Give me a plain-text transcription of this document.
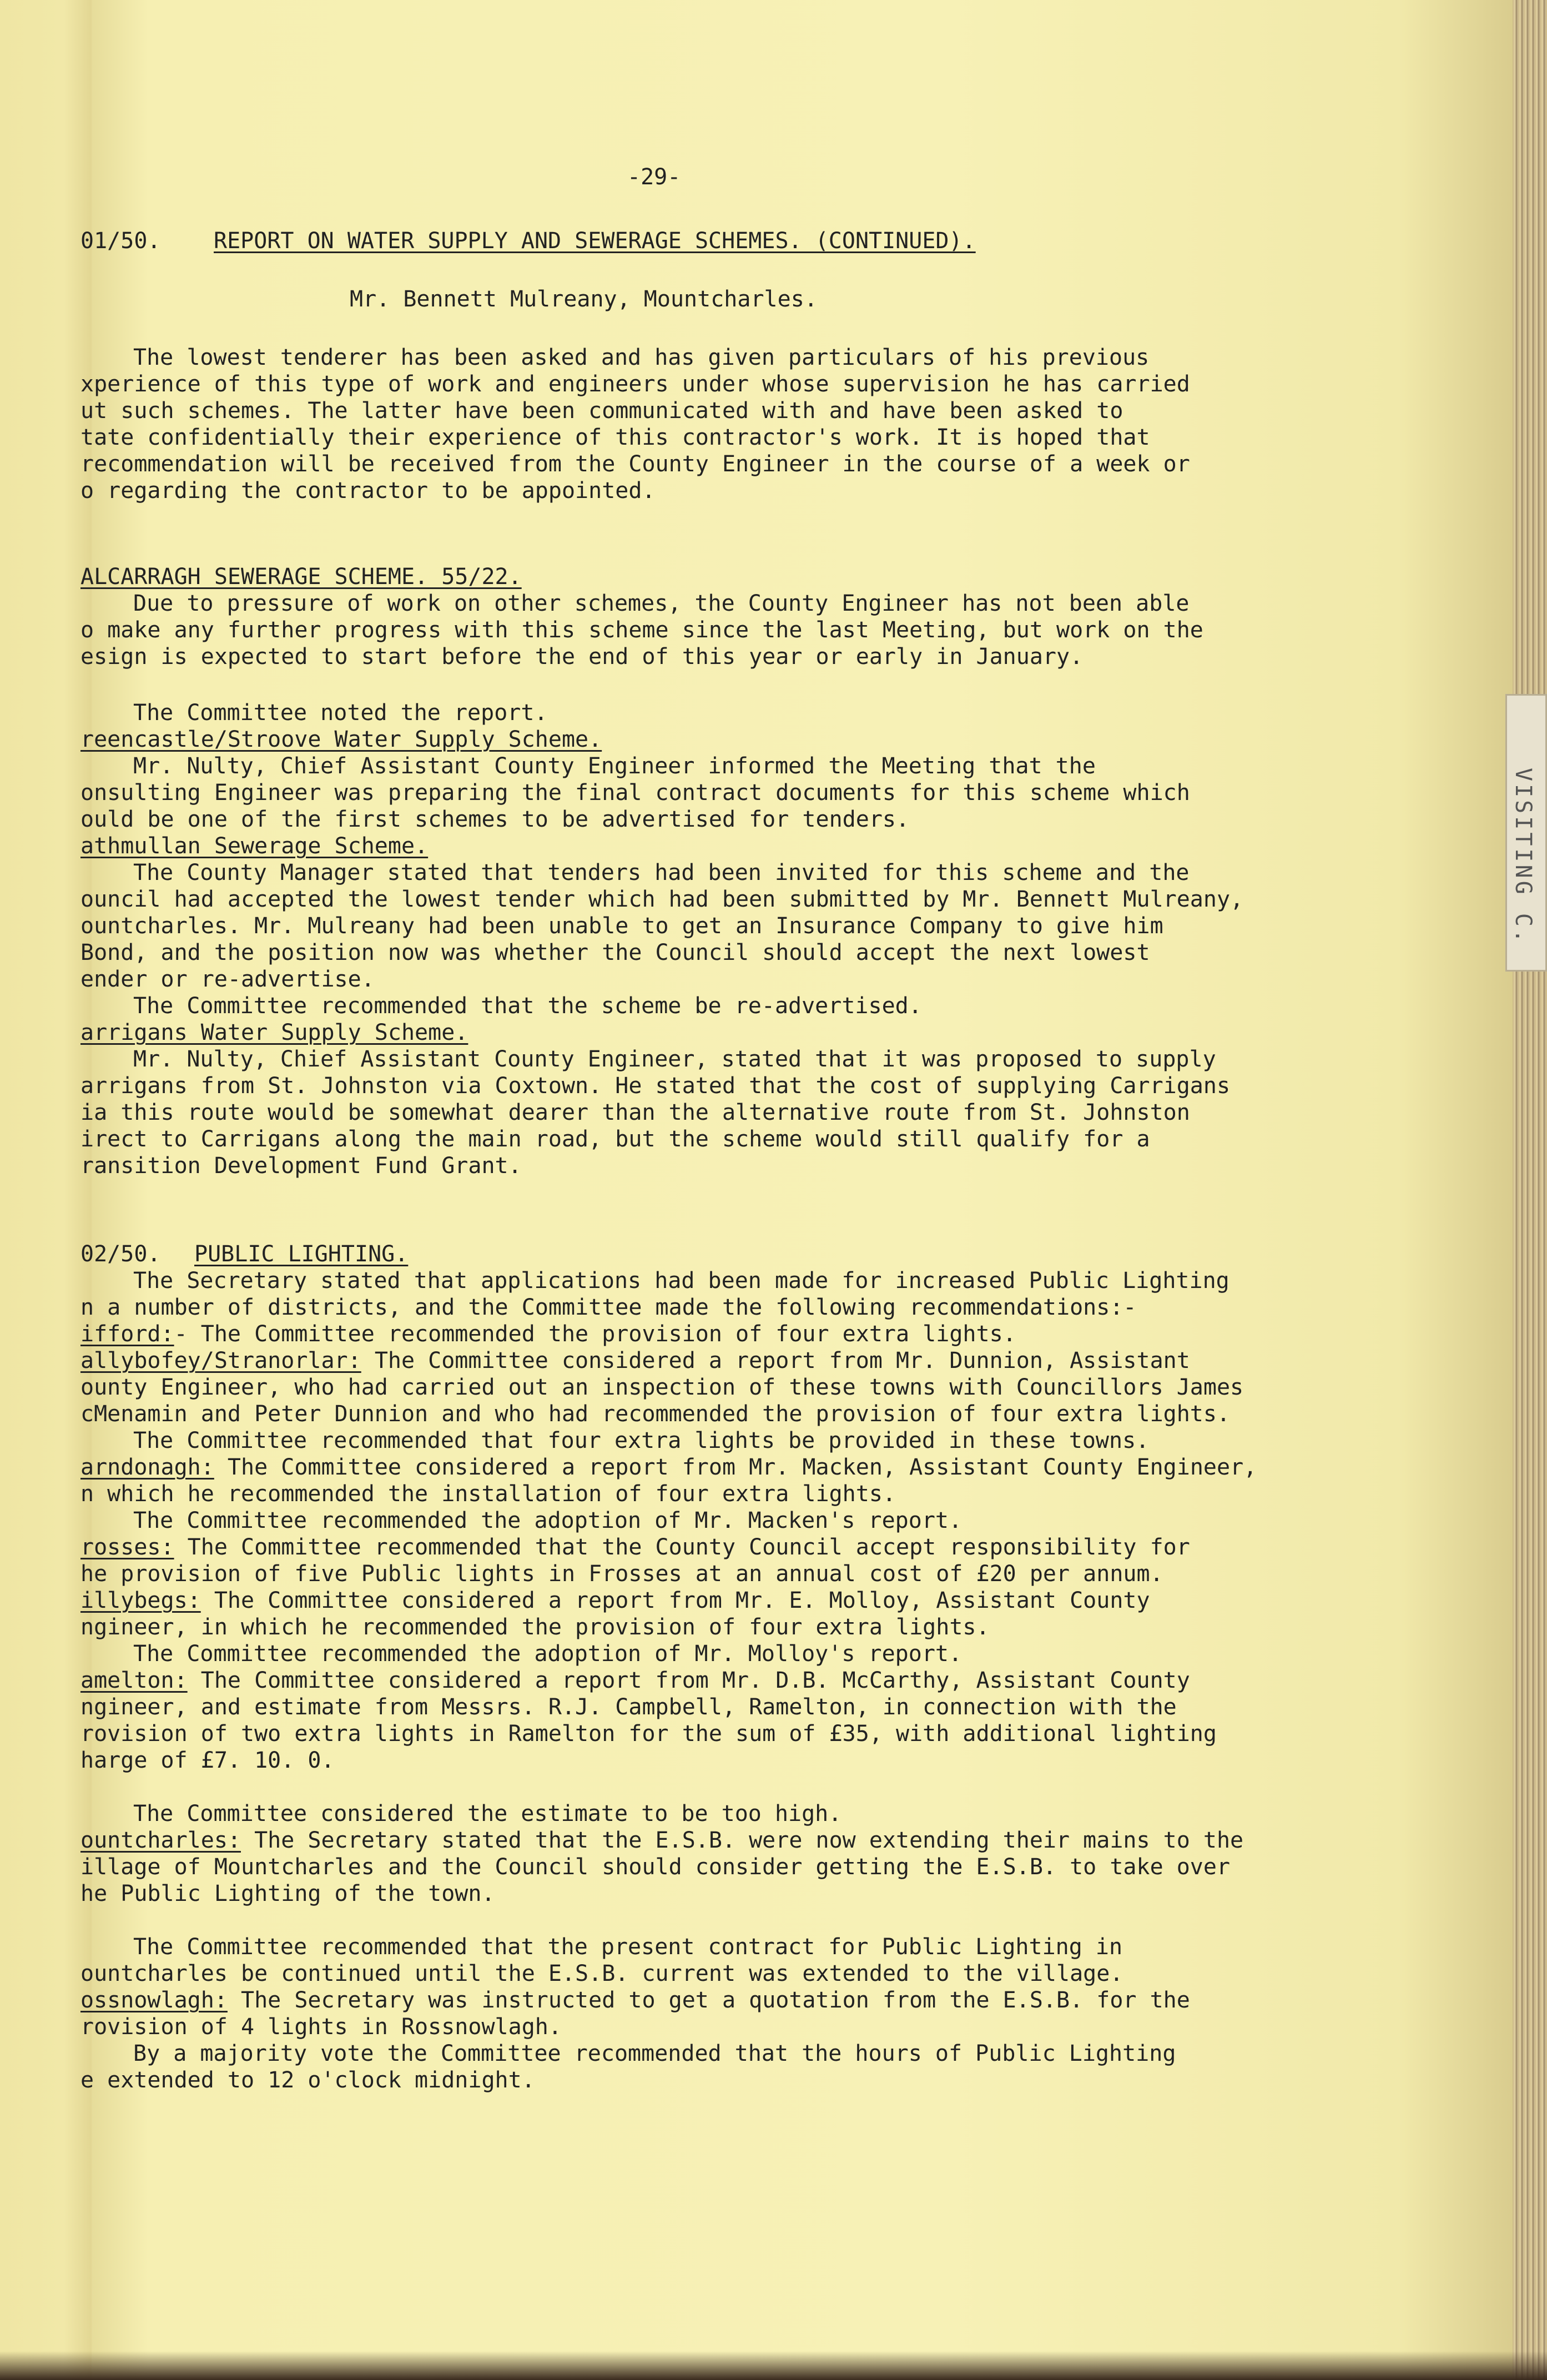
VISITING C.
-29-
01/50. REPORT ON WATER SUPPLY AND SEWERAGE SCHEMES. (CONTINUED).
Mr. Bennett Mulreany, Mountcharles.
The lowest tenderer has been asked and has given particulars of his previous
xperience of this type of work and engineers under whose supervision he has carried
ut such schemes. The latter have been communicated with and have been asked to
tate confidentially their experience of this contractor's work. It is hoped that
recommendation will be received from the County Engineer in the course of a week or
o regarding the contractor to be appointed.
ALCARRAGH SEWERAGE SCHEME. 55/22.
Due to pressure of work on other schemes, the County Engineer has not been able
o make any further progress with this scheme since the last Meeting, but work on the
esign is expected to start before the end of this year or early in January.
The Committee noted the report.
reencastle/Stroove Water Supply Scheme.
Mr. Nulty, Chief Assistant County Engineer informed the Meeting that the
onsulting Engineer was preparing the final contract documents for this scheme which
ould be one of the first schemes to be advertised for tenders.
athmullan Sewerage Scheme.
The County Manager stated that tenders had been invited for this scheme and the
ouncil had accepted the lowest tender which had been submitted by Mr. Bennett Mulreany,
ountcharles. Mr. Mulreany had been unable to get an Insurance Company to give him
Bond, and the position now was whether the Council should accept the next lowest
ender or re-advertise.
The Committee recommended that the scheme be re-advertised.
arrigans Water Supply Scheme.
Mr. Nulty, Chief Assistant County Engineer, stated that it was proposed to supply
arrigans from St. Johnston via Coxtown. He stated that the cost of supplying Carrigans
ia this route would be somewhat dearer than the alternative route from St. Johnston
irect to Carrigans along the main road, but the scheme would still qualify for a
ransition Development Fund Grant.
02/50. PUBLIC LIGHTING.
The Secretary stated that applications had been made for increased Public Lighting
n a number of districts, and the Committee made the following recommendations:-
ifford:- The Committee recommended the provision of four extra lights.
allybofey/Stranorlar: The Committee considered a report from Mr. Dunnion, Assistant
ounty Engineer, who had carried out an inspection of these towns with Councillors James
cMenamin and Peter Dunnion and who had recommended the provision of four extra lights.
The Committee recommended that four extra lights be provided in these towns.
arndonagh: The Committee considered a report from Mr. Macken, Assistant County Engineer,
n which he recommended the installation of four extra lights.
The Committee recommended the adoption of Mr. Macken's report.
rosses: The Committee recommended that the County Council accept responsibility for
he provision of five Public lights in Frosses at an annual cost of £20 per annum.
illybegs: The Committee considered a report from Mr. E. Molloy, Assistant County
ngineer, in which he recommended the provision of four extra lights.
The Committee recommended the adoption of Mr. Molloy's report.
amelton: The Committee considered a report from Mr. D.B. McCarthy, Assistant County
ngineer, and estimate from Messrs. R.J. Campbell, Ramelton, in connection with the
rovision of two extra lights in Ramelton for the sum of £35, with additional lighting
harge of £7. 10. 0.
The Committee considered the estimate to be too high.
ountcharles: The Secretary stated that the E.S.B. were now extending their mains to the
illage of Mountcharles and the Council should consider getting the E.S.B. to take over
he Public Lighting of the town.
The Committee recommended that the present contract for Public Lighting in
ountcharles be continued until the E.S.B. current was extended to the village.
ossnowlagh: The Secretary was instructed to get a quotation from the E.S.B. for the
rovision of 4 lights in Rossnowlagh.
By a majority vote the Committee recommended that the hours of Public Lighting
e extended to 12 o'clock midnight.
